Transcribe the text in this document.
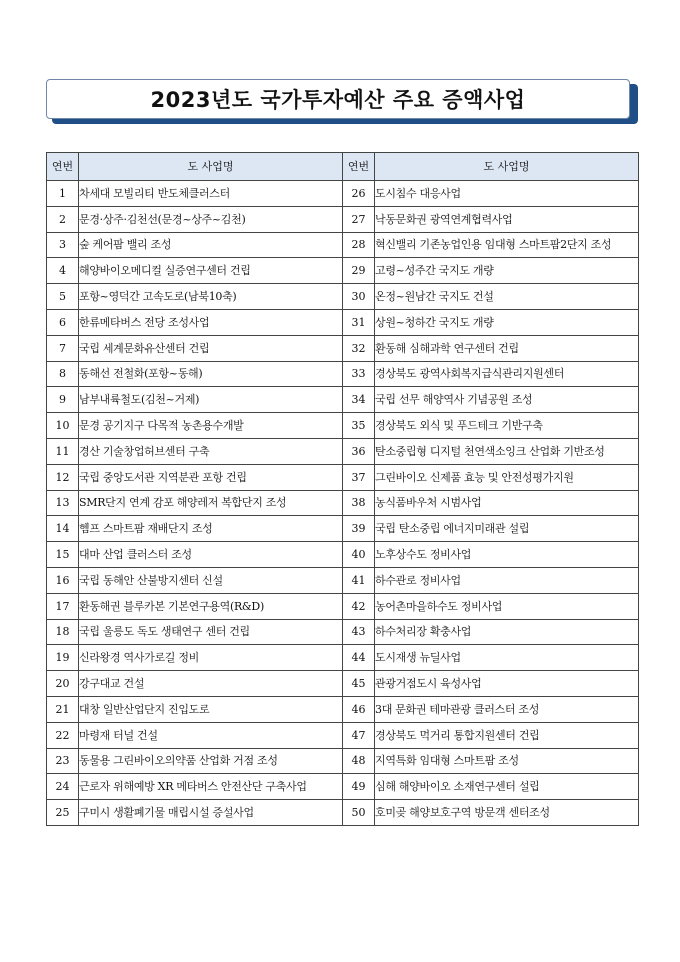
2023년도 국가투자예산 주요 증액사업
연번	도 사업명	연번	도 사업명
1	차세대 모빌리티 반도체클러스터	26	도시침수 대응사업
2	문경·상주·김천선(문경~상주~김천)	27	낙동문화권 광역연계협력사업
3	숲 케어팜 밸리 조성	28	혁신밸리 기존농업인용 임대형 스마트팜2단지 조성
4	해양바이오메디컬 실증연구센터 건립	29	고령~성주간 국지도 개량
5	포항~영덕간 고속도로(남북10축)	30	온정~원남간 국지도 건설
6	한류메타버스 전당 조성사업	31	상원~청하간 국지도 개량
7	국립 세계문화유산센터 건립	32	환동해 심해과학 연구센터 건립
8	동해선 전철화(포항~동해)	33	경상북도 광역사회복지급식관리지원센터
9	남부내륙철도(김천~거제)	34	국립 선무 해양역사 기념공원 조성
10	문경 공기지구 다목적 농촌용수개발	35	경상북도 외식 및 푸드테크 기반구축
11	경산 기술창업허브센터 구축	36	탄소중립형 디지털 천연색소잉크 산업화 기반조성
12	국립 중앙도서관 지역분관 포항 건립	37	그린바이오 신제품 효능 및 안전성평가지원
13	SMR단지 연계 감포 해양레저 복합단지 조성	38	농식품바우처 시범사업
14	헴프 스마트팜 재배단지 조성	39	국립 탄소중립 에너지미래관 설립
15	대마 산업 클러스터 조성	40	노후상수도 정비사업
16	국립 동해안 산불방지센터 신설	41	하수관로 정비사업
17	환동해권 블루카본 기본연구용역(R&D)	42	농어촌마을하수도 정비사업
18	국립 울릉도 독도 생태연구 센터 건립	43	하수처리장 확충사업
19	신라왕경 역사가로길 정비	44	도시재생 뉴딜사업
20	강구대교 건설	45	관광거점도시 육성사업
21	대창 일반산업단지 진입도로	46	3대 문화권 테마관광 클러스터 조성
22	마령재 터널 건설	47	경상북도 먹거리 통합지원센터 건립
23	동물용 그린바이오의약품 산업화 거점 조성	48	지역특화 임대형 스마트팜 조성
24	근로자 위해예방 XR 메타버스 안전산단 구축사업	49	심해 해양바이오 소재연구센터 설립
25	구미시 생활폐기물 매립시설 증설사업	50	호미곶 해양보호구역 방문객 센터조성
